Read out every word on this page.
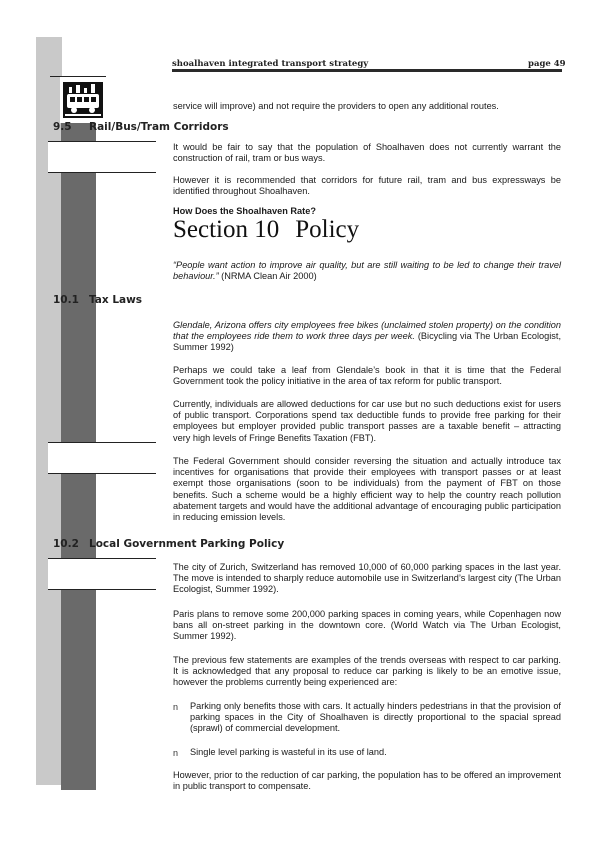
shoalhaven integrated transport strategy	page 49

service will improve) and not require the providers to open any additional routes.

9.5 Rail/Bus/Tram Corridors

It would be fair to say that the population of Shoalhaven does not currently warrant the construction of rail, tram or bus ways.

However it is recommended that corridors for future rail, tram and bus expressways be identified throughout Shoalhaven.

How Does the Shoalhaven Rate?
Section 10 Policy

“People want action to improve air quality, but are still waiting to be led to change their travel behaviour.” (NRMA Clean Air 2000)

10.1 Tax Laws

Glendale, Arizona offers city employees free bikes (unclaimed stolen property) on the condition that the employees ride them to work three days per week. (Bicycling via The Urban Ecologist, Summer 1992)

Perhaps we could take a leaf from Glendale’s book in that it is time that the Federal Government took the policy initiative in the area of tax reform for public transport.

Currently, individuals are allowed deductions for car use but no such deductions exist for users of public transport. Corporations spend tax deductible funds to provide free parking for their employees but employer provided public transport passes are a taxable benefit – attracting very high levels of Fringe Benefits Taxation (FBT).

The Federal Government should consider reversing the situation and actually introduce tax incentives for organisations that provide their employees with transport passes or at least exempt those organisations (soon to be individuals) from the payment of FBT on those benefits. Such a scheme would be a highly efficient way to help the country reach pollution abatement targets and would have the additional advantage of encouraging public participation in reducing emission levels.

10.2 Local Government Parking Policy

The city of Zurich, Switzerland has removed 10,000 of 60,000 parking spaces in the last year. The move is intended to sharply reduce automobile use in Switzerland’s largest city (The Urban Ecologist, Summer 1992).

Paris plans to remove some 200,000 parking spaces in coming years, while Copenhagen now bans all on-street parking in the downtown core. (World Watch via The Urban Ecologist, Summer 1992).

The previous few statements are examples of the trends overseas with respect to car parking. It is acknowledged that any proposal to reduce car parking is likely to be an emotive issue, however the problems currently being experienced are:

n Parking only benefits those with cars. It actually hinders pedestrians in that the provision of parking spaces in the City of Shoalhaven is directly proportional to the spacial spread (sprawl) of commercial development.

n Single level parking is wasteful in its use of land.

However, prior to the reduction of car parking, the population has to be offered an improvement in public transport to compensate.
